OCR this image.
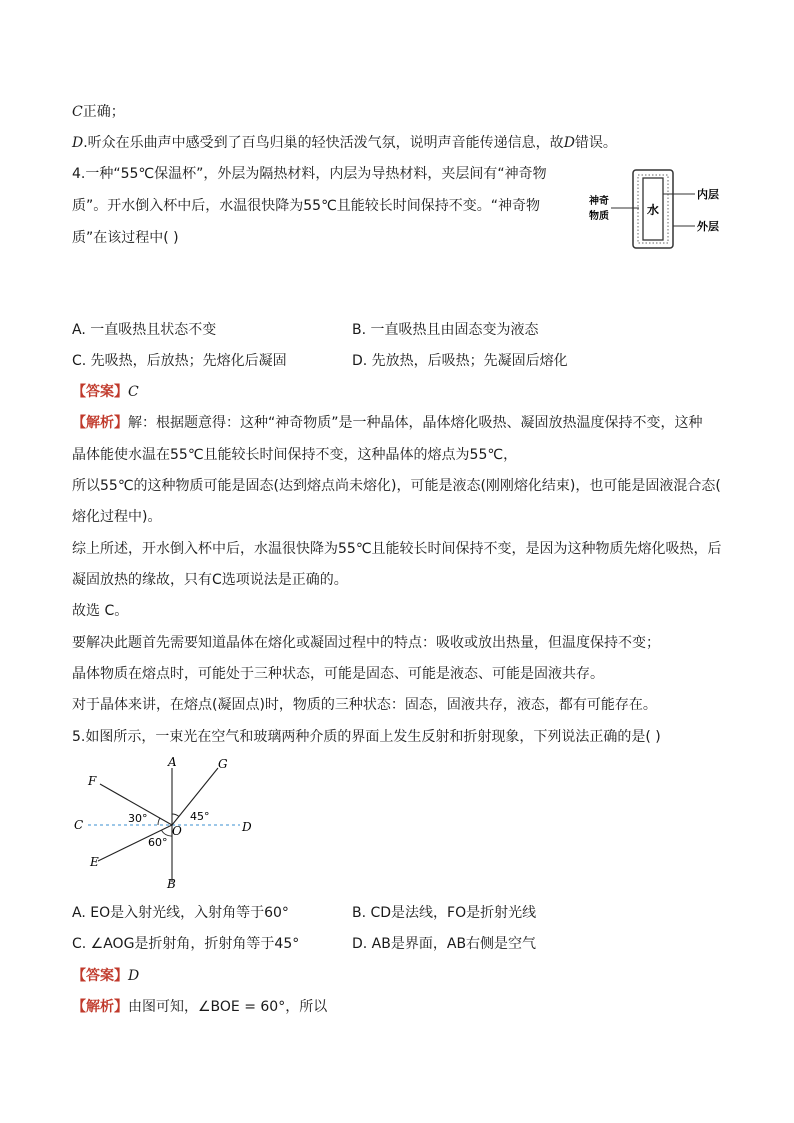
C正确；
D.听众在乐曲声中感受到了百鸟归巢的轻快活泼气氛，说明声音能传递信息，故D错误。
4.一种“55℃保温杯”，外层为隔热材料，内层为导热材料，夹层间有“神奇物
质”。开水倒入杯中后，水温很快降为55℃且能较长时间保持不变。“神奇物
质”在该过程中( )
水
神奇
物质
内层
外层
A. 一直吸热且状态不变	B. 一直吸热且由固态变为液态
C. 先吸热，后放热；先熔化后凝固	D. 先放热，后吸热；先凝固后熔化
【答案】C
【解析】解：根据题意得：这种“神奇物质”是一种晶体，晶体熔化吸热、凝固放热温度保持不变，这种
晶体能使水温在55℃且能较长时间保持不变，这种晶体的熔点为55℃，
所以55℃的这种物质可能是固态(达到熔点尚未熔化)，可能是液态(刚刚熔化结束)，也可能是固液混合态(
熔化过程中)。
综上所述，开水倒入杯中后，水温很快降为55℃且能较长时间保持不变，是因为这种物质先熔化吸热，后
凝固放热的缘故，只有C选项说法是正确的。
故选 C。
要解决此题首先需要知道晶体在熔化或凝固过程中的特点：吸收或放出热量，但温度保持不变；
晶体物质在熔点时，可能处于三种状态，可能是固态、可能是液态、可能是固液共存。
对于晶体来讲，在熔点(凝固点)时，物质的三种状态：固态，固液共存，液态，都有可能存在。
5.如图所示，一束光在空气和玻璃两种介质的界面上发生反射和折射现象，下列说法正确的是( )
A
B
C	D
E
F
G
O
30°	45°
60°
A. EO是入射光线，入射角等于60°	B. CD是法线，FO是折射光线
C. ∠AOG是折射角，折射角等于45°	D. AB是界面，AB右侧是空气
【答案】D
【解析】由图可知，∠BOE = 60°，所以
